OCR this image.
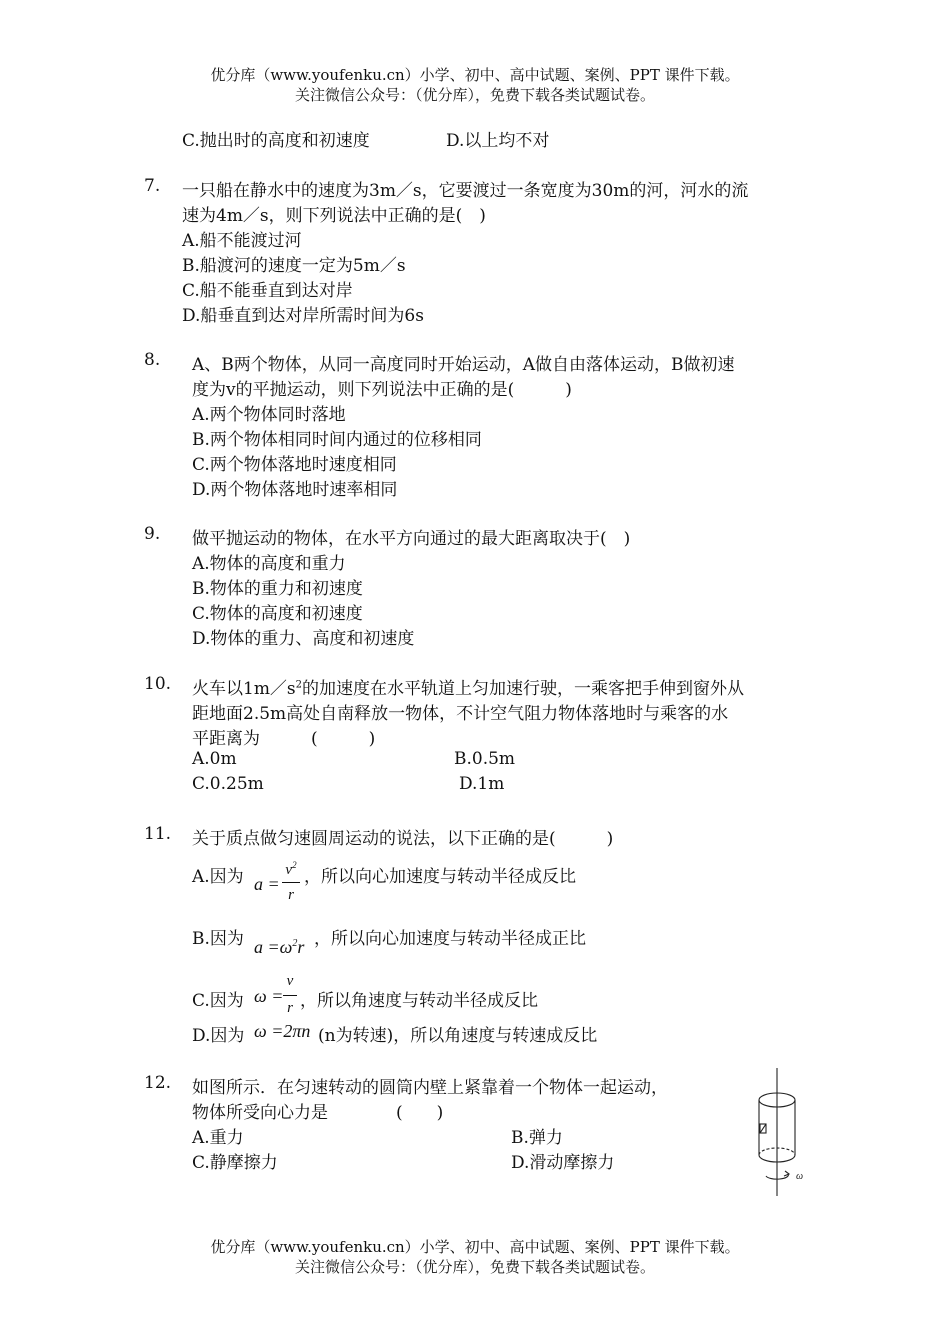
优分库（www.youfenku.cn）小学、初中、高中试题、案例、PPT 课件下载。
关注微信公众号：（优分库），免费下载各类试题试卷。
C.抛出时的高度和初速度	D.以上均不对
7. 一只船在静水中的速度为3m／s，它要渡过一条宽度为30m的河，河水的流
速为4m／s，则下列说法中正确的是(　)
A.船不能渡过河
B.船渡河的速度一定为5m／s
C.船不能垂直到达对岸
D.船垂直到达对岸所需时间为6s
8. A、B两个物体，从同一高度同时开始运动，A做自由落体运动，B做初速
度为v的平抛运动，则下列说法中正确的是(　　　)
A.两个物体同时落地
B.两个物体相同时间内通过的位移相同
C.两个物体落地时速度相同
D.两个物体落地时速率相同
9. 做平抛运动的物体，在水平方向通过的最大距离取决于(　)
A.物体的高度和重力
B.物体的重力和初速度
C.物体的高度和初速度
D.物体的重力、高度和初速度
10. 火车以$1m/s^2$的加速度在水平轨道上匀加速行驶，一乘客把手伸到窗外从
距地面2.5m高处自南释放一物体，不计空气阻力物体落地时与乘客的水
平距离为　　　(　　　)
A.0m	B.0.5m
C.0.25m	D.1m
11. 关于质点做匀速圆周运动的说法，以下正确的是(　　　)
A.因为 a =
$v^2$
r
，所以向心加速度与转动半径成反比
B.因为 $a =\omega^2r$ ，所以向心加速度与转动半径成正比
C.因为 ω =
v
r ，所以角速度与转动半径成反比
D.因为 ω =2πn (n为转速)，所以角速度与转速成反比
12. 如图所示．在匀速转动的圆筒内壁上紧靠着一个物体一起运动，
物体所受向心力是　　　　(　　)
A.重力	B.弹力
C.静摩擦力	D.滑动摩擦力
ω
优分库（www.youfenku.cn）小学、初中、高中试题、案例、PPT 课件下载。
关注微信公众号：（优分库），免费下载各类试题试卷。
